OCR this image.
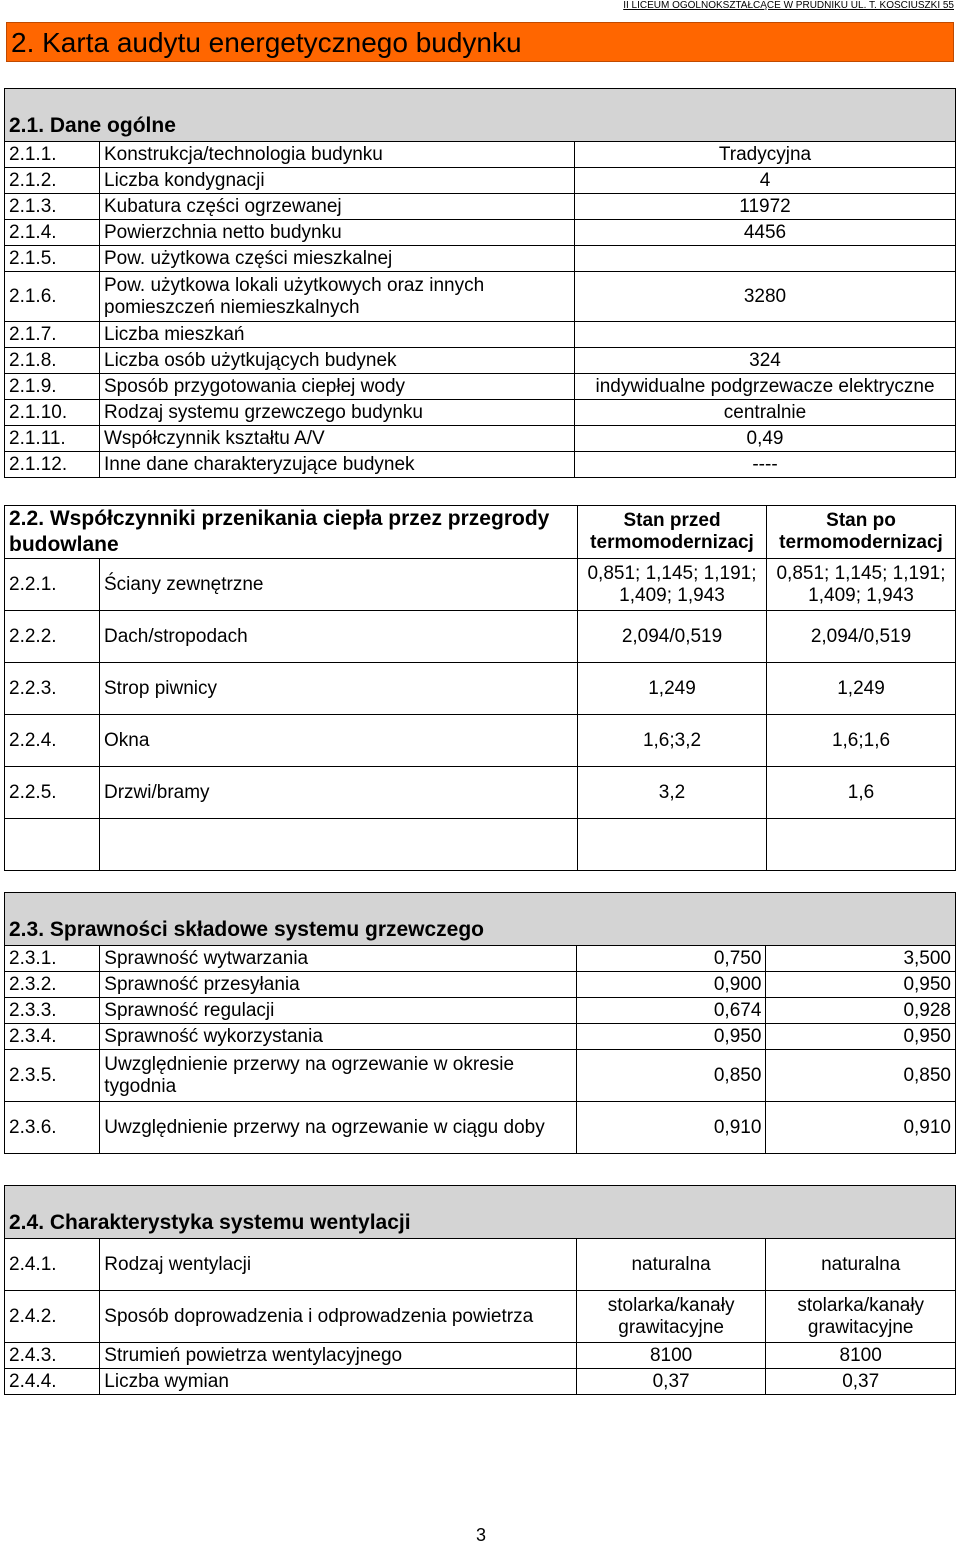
II LICEUM OGÓLNOKSZTAŁCĄCE W PRUDNIKU UL. T. KOŚCIUSZKI 55
2. Karta audytu energetycznego budynku
2.1. Dane ogólne		
2.1.1.	Konstrukcja/technologia budynku	Tradycyjna
2.1.2.	Liczba kondygnacji	4
2.1.3.	Kubatura części ogrzewanej	11972
2.1.4.	Powierzchnia netto budynku	4456
2.1.5.	Pow. użytkowa części mieszkalnej	
2.1.6.	Pow. użytkowa lokali użytkowych oraz innych pomieszczeń niemieszkalnych	3280
2.1.7.	Liczba mieszkań	
2.1.8.	Liczba osób użytkujących budynek	324
2.1.9.	Sposób przygotowania ciepłej wody	indywidualne podgrzewacze elektryczne
2.1.10.	Rodzaj systemu grzewczego budynku	centralnie
2.1.11.	Współczynnik kształtu A/V	0,49
2.1.12.	Inne dane charakteryzujące budynek	----
2.2. Współczynniki przenikania ciepła przez przegrody budowlane		Stan przed termomodernizacj	Stan po termomodernizacj
2.2.1.	Ściany zewnętrzne	0,851; 1,145; 1,191; 1,409; 1,943	0,851; 1,145; 1,191; 1,409; 1,943
2.2.2.	Dach/stropodach	2,094/0,519	2,094/0,519
2.2.3.	Strop piwnicy	1,249	1,249
2.2.4.	Okna	1,6;3,2	1,6;1,6
2.2.5.	Drzwi/bramy	3,2	1,6

2.3. Sprawności składowe systemu grzewczego			
2.3.1.	Sprawność wytwarzania	0,750	3,500
2.3.2.	Sprawność przesyłania	0,900	0,950
2.3.3.	Sprawność regulacji	0,674	0,928
2.3.4.	Sprawność wykorzystania	0,950	0,950
2.3.5.	Uwzględnienie przerwy na ogrzewanie w okresie tygodnia	0,850	0,850
2.3.6.	Uwzględnienie przerwy na ogrzewanie w ciągu doby	0,910	0,910
2.4. Charakterystyka systemu wentylacji			
2.4.1.	Rodzaj wentylacji	naturalna	naturalna
2.4.2.	Sposób doprowadzenia i odprowadzenia powietrza	stolarka/kanały grawitacyjne	stolarka/kanały grawitacyjne
2.4.3.	Strumień powietrza wentylacyjnego	8100	8100
2.4.4.	Liczba wymian	0,37	0,37
3
